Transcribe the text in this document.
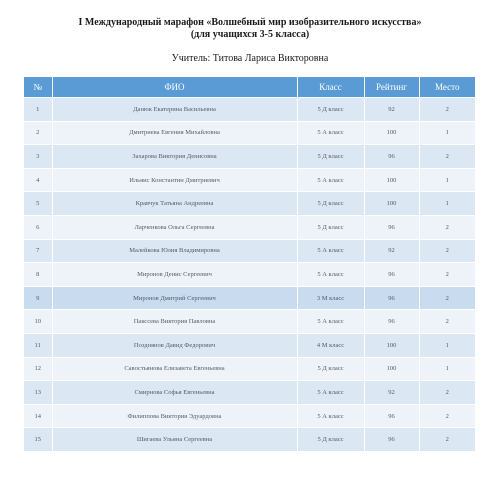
I Международный марафон «Волшебный мир изобразительного искусства»
(для учащихся 3-5 класса)
Учитель: Титова Лариса Викторовна
№	ФИО	Класс	Рейтинг	Место
1	Данюк Екатерина Васильевна	5 Д класс	92	2
2	Дмитриева Евгения Михайловна	5 А класс	100	1
3	Захарова Виктория Денисовна	5 Д класс	96	2
4	Ильяис Константин Дмитриевич	5 А класс	100	1
5	Кравчук Татьяна Андреевна	5 Д класс	100	1
6	Ларченкова Ольга Сергеевна	5 Д класс	96	2
7	Малейкова Юлия Владимировна	5 А класс	92	2
8	Миронов Денис Сергеевич	5 А класс	96	2
9	Миронов Дмитрий Сергеевич	3 М класс	96	2
10	Пакссева Виктория Павловна	5 А класс	96	2
11	Позднянов Давид Федорович	4 М класс	100	1
12	Савостьянова Елизавета Евгеньевна	5 Д класс	100	1
13	Смирнова Софья Евгеньевна	5 А класс	92	2
14	Филиппова Виктория Эдуардовна	5 А класс	96	2
15	Шигаева Ульяна Сергеевна	5 Д класс	96	2
